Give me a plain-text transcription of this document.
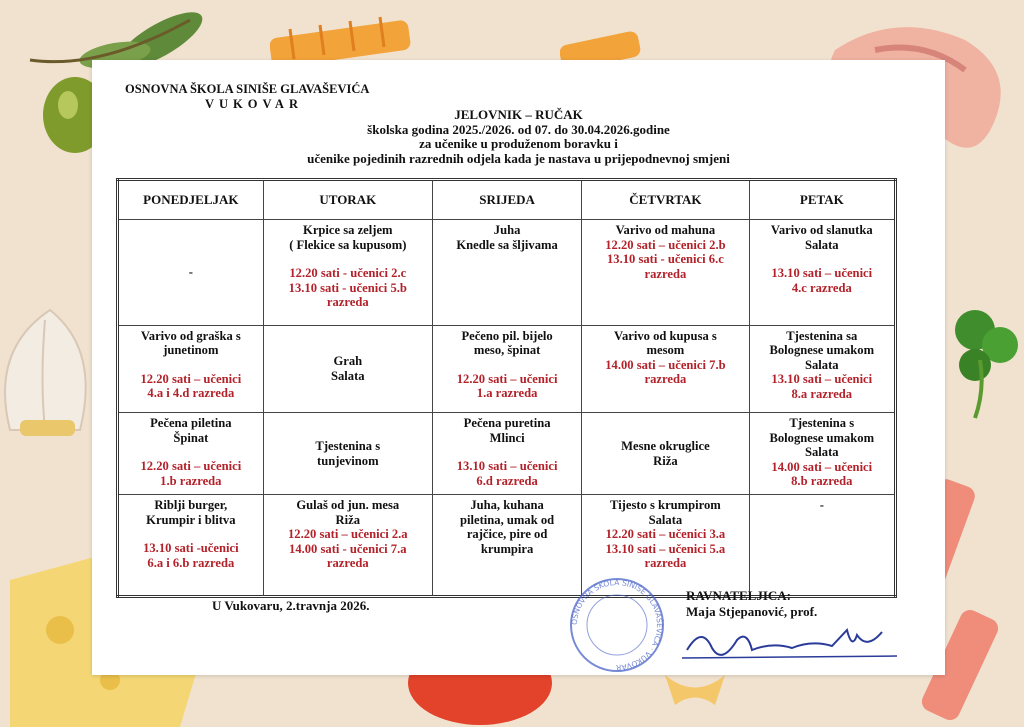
OSNOVNA ŠKOLA SINIŠE GLAVAŠEVIĆA
VUKOVAR
JELOVNIK – RUČAK
školska godina 2025./2026. od 07. do 30.04.2026.godine
za učenike u produženom boravku i
učenike pojedinih razrednih odjela kada je nastava u prijepodnevnoj smjeni
PONEDJELJAK	UTORAK	SRIJEDA	ČETVRTAK	PETAK

-	Krpice sa zeljem
( Flekice sa kupusom)
12.20 sati - učenici 2.c
13.10 sati - učenici 5.b
razreda	Juha
Knedle sa šljivama	Varivo od mahuna
12.20 sati – učenici 2.b
13.10 sati - učenici 6.c
razreda	Varivo od slanutka
Salata
13.10 sati – učenici
4.c razreda

Varivo od graška s
junetinom
12.20 sati – učenici
4.a i 4.d razreda	Grah
Salata	Pečeno pil. bijelo
meso, špinat
12.20 sati – učenici
1.a razreda	Varivo od kupusa s
mesom
14.00 sati – učenici 7.b
razreda	Tjestenina sa
Bolognese umakom
Salata
13.10 sati – učenici
8.a razreda

Pečena piletina
Špinat
12.20 sati – učenici
1.b razreda	Tjestenina s
tunjevinom	Pečena puretina
Mlinci
13.10 sati – učenici
6.d razreda	Mesne okruglice
Riža	Tjestenina s
Bolognese umakom
Salata
14.00 sati – učenici
8.b razreda

Riblji burger,
Krumpir i blitva
13.10 sati -učenici
6.a i 6.b razreda	Gulaš od jun. mesa
Riža
12.20 sati – učenici 2.a
14.00 sati - učenici 7.a
razreda	Juha, kuhana
piletina, umak od
rajčice, pire od
krumpira	Tijesto s krumpirom
Salata
12.20 sati – učenici 3.a
13.10 sati – učenici 5.a
razreda	-
U Vukovaru, 2.travnja 2026.
OSNOVNA ŠKOLA SINIŠE GLAVAŠEVIĆA · VUKOVAR
RAVNATELJICA:
Maja Stjepanović, prof.
